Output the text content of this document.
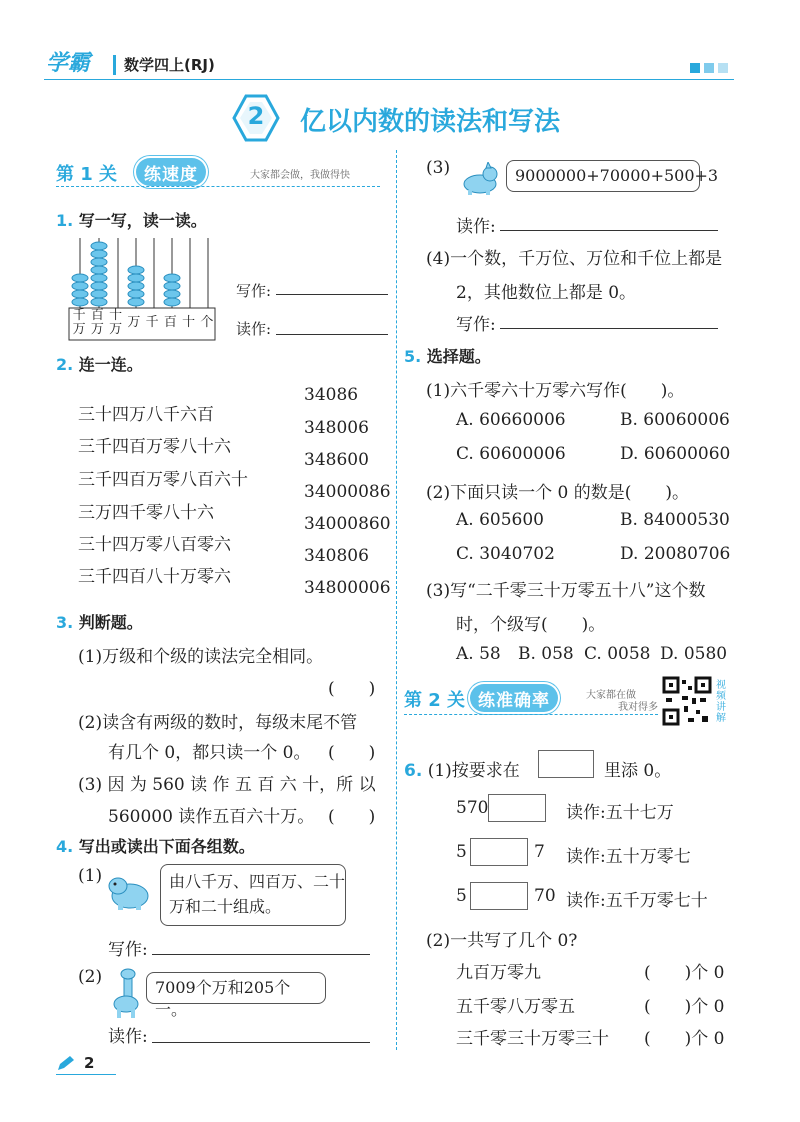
学霸 数学四上(RJ)
2 亿以内数的读法和写法
第 1 关	练速度	大家都会做，我做得快
1. 写一写，读一读。
千万
百万
十万 万 千 百 十 个
写作:
读作:
2. 连一连。
三十四万八千六百
三千四百万零八十六
三千四百万零八百六十
三万四千零八十六
三十四万零八百零六
三千四百八十万零六
34086
348006
348600
34000086
34000860
340806
34800006
3. 判断题。
(1)万级和个级的读法完全相同。
(　　)
(2)读含有两级的数时，每级末尾不管
有几个 0，都只读一个 0。 (　　)
(3) 因 为 560 读 作 五 百 六 十，所 以
560000 读作五百六十万。 (　　)
4. 写出或读出下面各组数。
(1)	由八千万、四百万、二十
万和二十组成。
写作:
(2)
7009个万和205个一。
读作:
2
(3)	9000000+70000+500+3
读作:
(4)一个数，千万位、万位和千位上都是
2，其他数位上都是 0。
写作:
5. 选择题。
(1)六千零六十万零六写作(　　)。
A. 60660006	B. 60060006
C. 60600006	D. 60600060
(2)下面只读一个 0 的数是(　　)。
A. 605600	B. 84000530
C. 3040702	D. 20080706
(3)写“二千零三十万零五十八”这个数
时，个级写(　　)。
A. 58 B. 058 C. 0058 D. 0580
第 2 关 练准确率	大家都在做
我对得多
视频讲解
6. (1)按要求在	里添 0。
570	读作:五十七万
5	7 读作:五十万零七
5	70 读作:五千万零七十
(2)一共写了几个 0?
九百万零九	(　　)个 0
五千零八万零五	(　　)个 0
三千零三十万零三十 (　　)个 0
